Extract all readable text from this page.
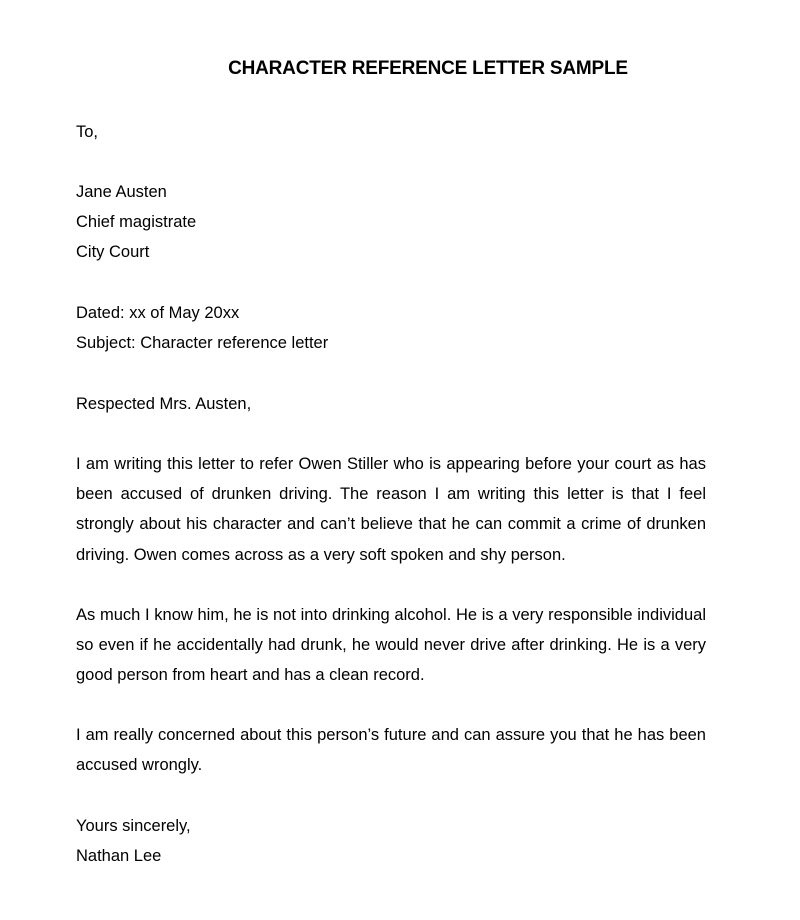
CHARACTER REFERENCE LETTER SAMPLE
To,
Jane Austen
Chief magistrate
City Court
Dated: xx of May 20xx
Subject: Character reference letter
Respected Mrs. Austen,
I am writing this letter to refer Owen Stiller who is appearing before your court as has been accused of drunken driving. The reason I am writing this letter is that I feel strongly about his character and can’t believe that he can commit a crime of drunken driving. Owen comes across as a very soft spoken and shy person.
As much I know him, he is not into drinking alcohol. He is a very responsible individual so even if he accidentally had drunk, he would never drive after drinking. He is a very good person from heart and has a clean record.
I am really concerned about this person’s future and can assure you that he has been accused wrongly.
Yours sincerely,
Nathan Lee
